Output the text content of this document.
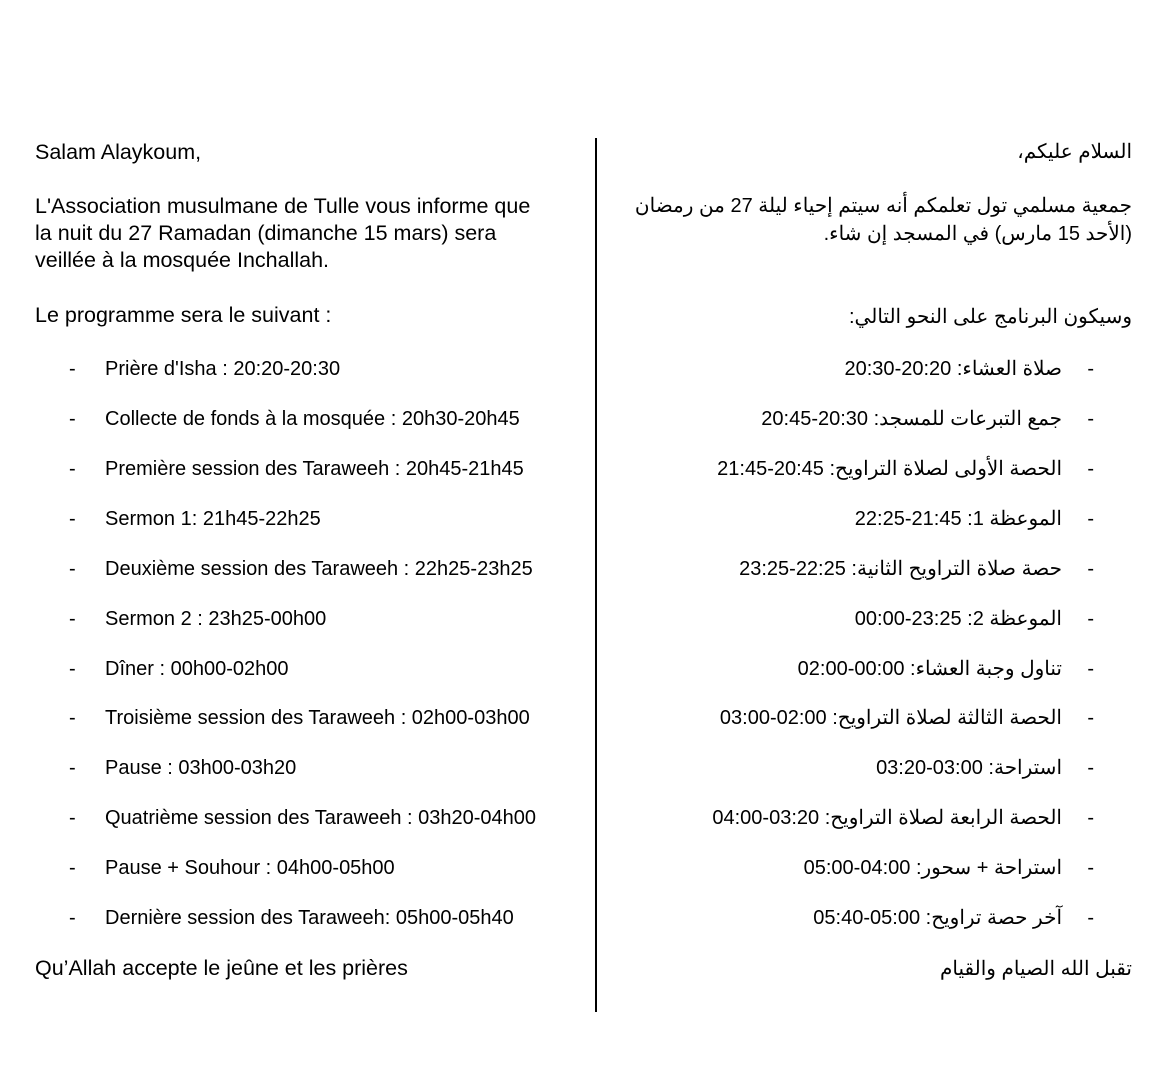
Salam Alaykoum,
L'Association musulmane de Tulle vous informe que
la nuit du 27 Ramadan (dimanche 15 mars) sera
veillée à la mosquée Inchallah.
Le programme sera le suivant :
- Prière d'Isha : 20:20-20:30
- Collecte de fonds à la mosquée : 20h30-20h45
- Première session des Taraweeh : 20h45-21h45
- Sermon 1: 21h45-22h25
- Deuxième session des Taraweeh : 22h25-23h25
- Sermon 2 : 23h25-00h00
- Dîner : 00h00-02h00
- Troisième session des Taraweeh : 02h00-03h00
- Pause : 03h00-03h20
- Quatrième session des Taraweeh : 03h20-04h00
- Pause + Souhour : 04h00-05h00
- Dernière session des Taraweeh: 05h00-05h40
Qu’Allah accepte le jeûne et les prières
السلام عليكم،
جمعية مسلمي تول تعلمكم أنه سيتم إحياء ليلة 27 من رمضان (الأحد 15 مارس) في المسجد إن شاء.
وسيكون البرنامج على النحو التالي:
-
صلاة العشاء: 20:20-20:30
-
جمع التبرعات للمسجد: 20:30-20:45
-
الحصة الأولى لصلاة التراويح: 20:45-21:45
-
الموعظة 1: 21:45-22:25
-
حصة صلاة التراويح الثانية: 22:25-23:25
-
الموعظة 2: 23:25-00:00
-
تناول وجبة العشاء: 00:00-02:00
-
الحصة الثالثة لصلاة التراويح: 02:00-03:00
-
استراحة: 03:00-03:20
-
الحصة الرابعة لصلاة التراويح: 03:20-04:00
-
استراحة + سحور: 04:00-05:00
-
آخر حصة تراويح: 05:00-05:40
تقبل الله الصيام والقيام
